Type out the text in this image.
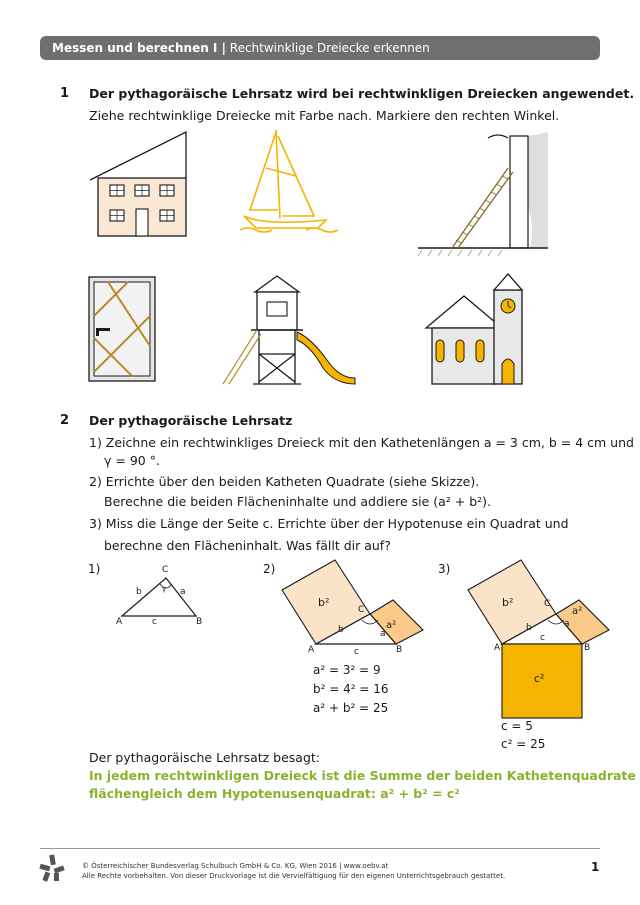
Messen und berechnen I | Rechtwinklige Dreiecke erkennen
1 Der pythagoräische Lehrsatz wird bei rechtwinkligen Dreiecken angewendet.
Ziehe rechtwinklige Dreiecke mit Farbe nach. Markiere den rechten Winkel.
2 Der pythagoräische Lehrsatz
1) Zeichne ein rechtwinkliges Dreieck mit den Kathetenlängen a = 3 cm, b = 4 cm und
γ = 90 °.
2) Errichte über den beiden Katheten Quadrate (siehe Skizze).
Berechne die beiden Flächeninhalte und addiere sie (a² + b²).
3) Miss die Länge der Seite c. Errichte über der Hypotenuse ein Quadrat und
berechne den Flächeninhalt. Was fällt dir auf?
1)	C
A	B
b	a
c
γ
2)
b²
a²
C
A	B
b	a
c
a² = 3² = 9
b² = 4² = 16
a² + b² = 25
3)
b²
a²
c²
C
A	B
b	a
c
c = 5
c² = 25
Der pythagoräische Lehrsatz besagt:
In jedem rechtwinkligen Dreieck ist die Summe der beiden Kathetenquadrate
flächengleich dem Hypotenusenquadrat: a² + b² = c²
© Österreichischer Bundesverlag Schulbuch GmbH & Co. KG, Wien 2016 | www.oebv.at
Alle Rechte vorbehalten. Von dieser Druckvorlage ist die Vervielfältigung für den eigenen Unterrichtsgebrauch gestattet.
1
